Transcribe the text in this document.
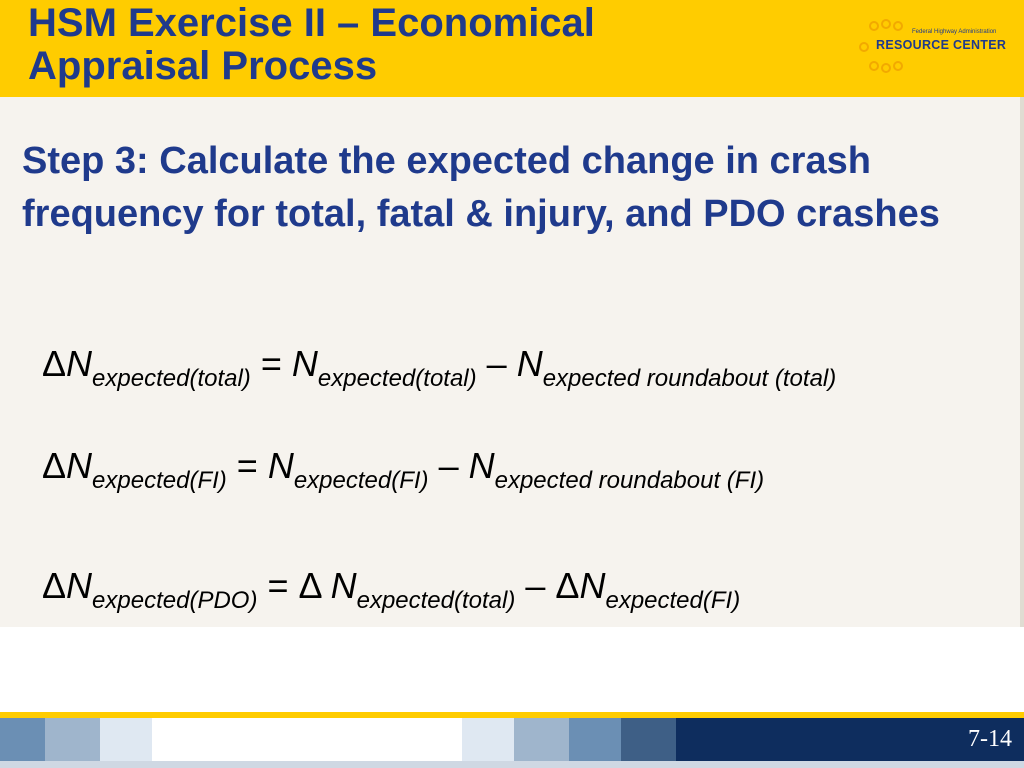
HSM Exercise II – Economical
Appraisal Process
Federal Highway Administration
RESOURCE CENTER

Step 3: Calculate the expected change in crash frequency for total, fatal & injury, and PDO crashes

$\Delta N_{expected(total)} = N_{expected(total)} - N_{expected roundabout (total)}$
$\Delta N_{expected(FI)} = N_{expected(FI)} - N_{expected roundabout (FI)}$
$\Delta N_{expected(PDO)} = \Delta$ $N_{expected(total)} - \Delta N_{expected(FI)}$
7-14
